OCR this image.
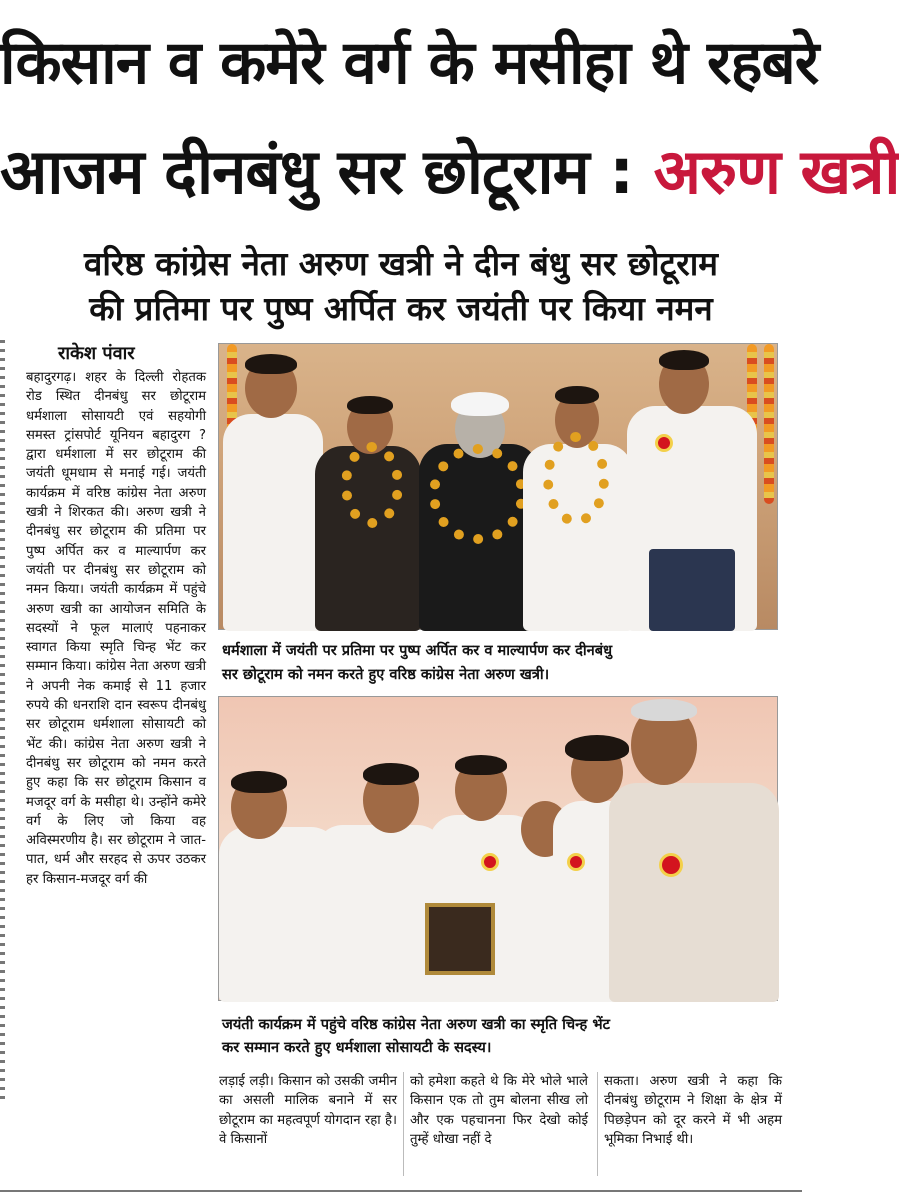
किसान व कमेरे वर्ग के मसीहा थे रहबरे
आजम दीनबंधु सर छोटूराम : अरुण खत्री
वरिष्ठ कांग्रेस नेता अरुण खत्री ने दीन बंधु सर छोटूराम
की प्रतिमा पर पुष्प अर्पित कर जयंती पर किया नमन
राकेश पंवार

बहादुरगढ़। शहर के दिल्ली रोहतक रोड स्थित दीनबंधु सर छोटूराम धर्मशाला सोसायटी एवं सहयोगी समस्त ट्रांसपोर्ट यूनियन बहादुरग ? द्वारा धर्मशाला में सर छोटूराम की जयंती धूमधाम से मनाई गई। जयंती कार्यक्रम में वरिष्ठ कांग्रेस नेता अरुण खत्री ने शिरकत की। अरुण खत्री ने दीनबंधु सर छोटूराम की प्रतिमा पर पुष्प अर्पित कर व माल्यार्पण कर जयंती पर दीनबंधु सर छोटूराम को नमन किया। जयंती कार्यक्रम में पहुंचे अरुण खत्री का आयोजन समिति के सदस्यों ने फूल मालाएं पहनाकर स्वागत किया स्मृति चिन्ह भेंट कर सम्मान किया। कांग्रेस नेता अरुण खत्री ने अपनी नेक कमाई से 11 हजार रुपये की धनराशि दान स्वरूप दीनबंधु सर छोटूराम धर्मशाला सोसायटी को भेंट की। कांग्रेस नेता अरुण खत्री ने दीनबंधु सर छोटूराम को नमन करते हुए कहा कि सर छोटूराम किसान व मजदूर वर्ग के मसीहा थे। उन्होंने कमेरे वर्ग के लिए जो किया वह अविस्मरणीय है। सर छोटूराम ने जात-पात, धर्म और सरहद से ऊपर उठकर हर किसान-मजदूर वर्ग की

धर्मशाला में जयंती पर प्रतिमा पर पुष्प अर्पित कर व माल्यार्पण कर दीनबंधु
सर छोटूराम को नमन करते हुए वरिष्ठ कांग्रेस नेता अरुण खत्री।
जयंती कार्यक्रम में पहुंचे वरिष्ठ कांग्रेस नेता अरुण खत्री का स्मृति चिन्ह भेंट
कर सम्मान करते हुए धर्मशाला सोसायटी के सदस्य।
लड़ाई लड़ी। किसान को उसकी जमीन का असली मालिक बनाने में सर छोटूराम का महत्वपूर्ण योगदान रहा है। वे किसानों
को हमेशा कहते थे कि मेरे भोले भाले किसान एक तो तुम बोलना सीख लो और एक पहचानना फिर देखो कोई तुम्हें धोखा नहीं दे
सकता। अरुण खत्री ने कहा कि दीनबंधु छोटूराम ने शिक्षा के क्षेत्र में पिछड़ेपन को दूर करने में भी अहम भूमिका निभाई थी।
